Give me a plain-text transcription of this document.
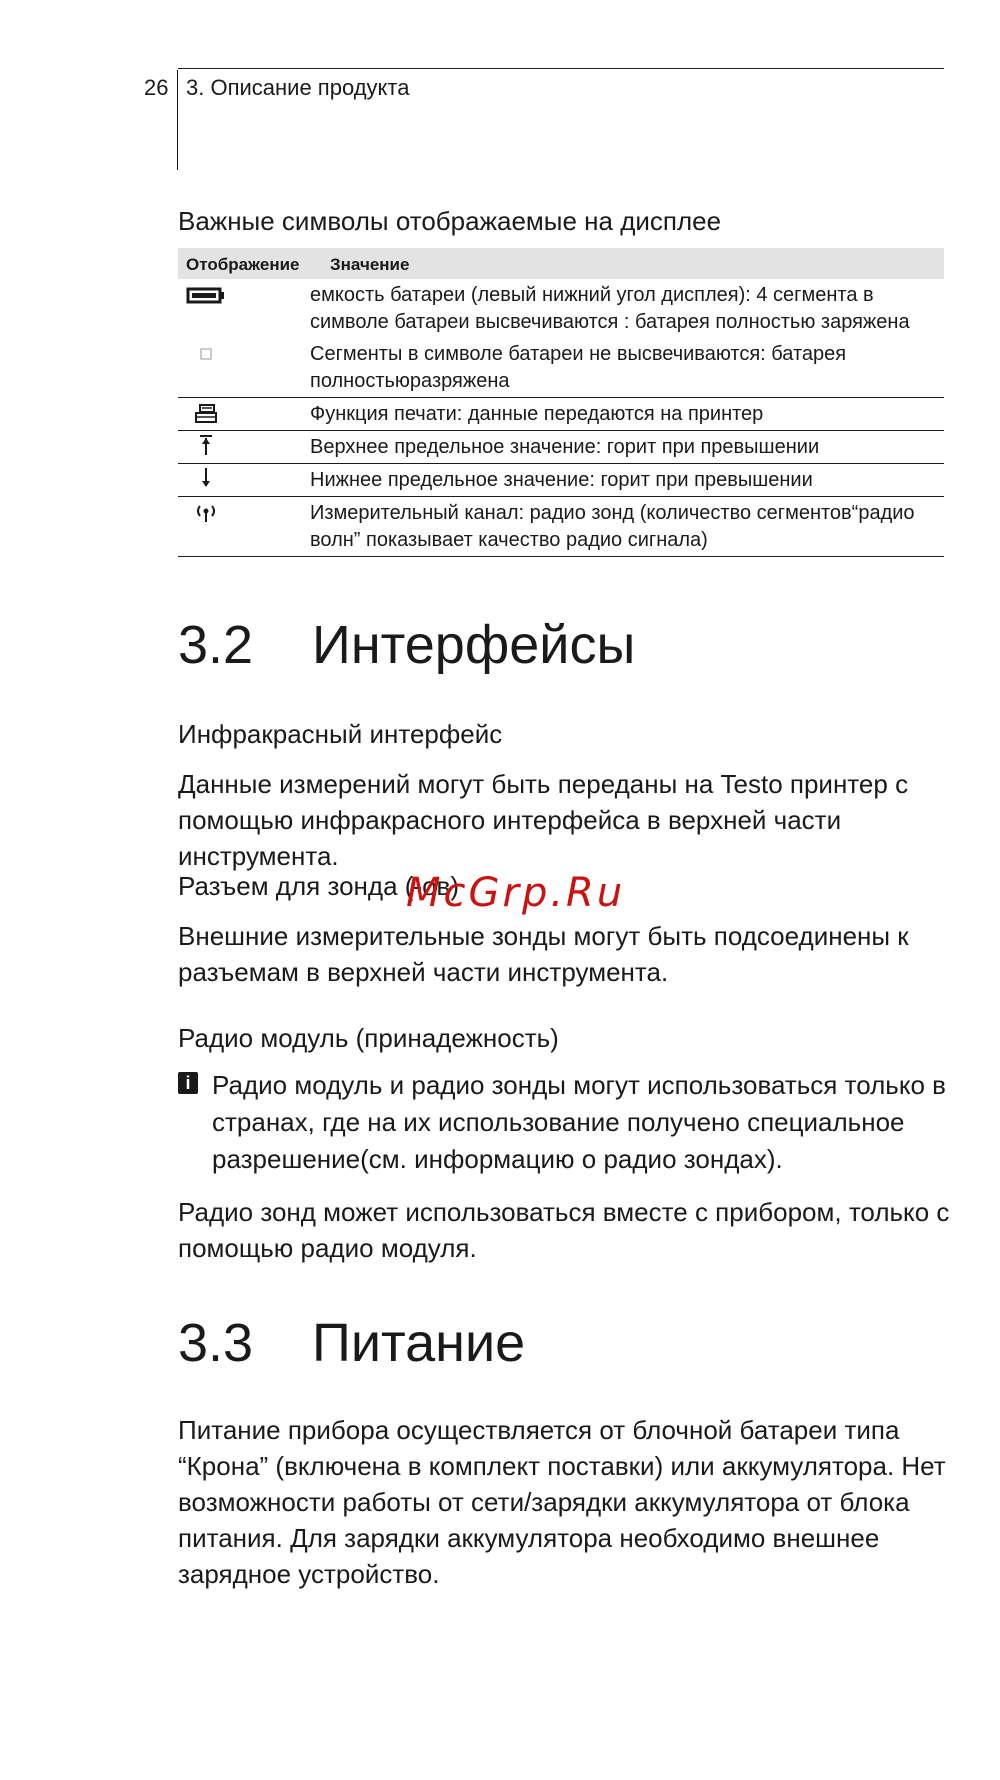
26 3. Описание продукта
Важные символы отображаемые на дисплее
Отображение Значение
емкость батареи (левый нижний угол дисплея): 4 сегмента в символе батареи высвечиваются : батарея полностью заряжена
Сегменты в символе батареи не высвечиваются: батарея полностьюразряжена
Функция печати: данные передаются на принтер
Верхнее предельное значение: горит при превышении
Нижнее предельное значение: горит при превышении
Измерительный канал: радио зонд (количество сегментов“радио волн” показывает качество радио сигнала)
3.2 Интерфейсы
Инфракрасный интерфейс
Данные измерений могут быть переданы на Testo принтер с помощью инфракрасного интерфейса в верхней части инструмента.
Разъем для зонда (-ов)
Внешние измерительные зонды могут быть подсоединены к разъемам в верхней части инструмента.
Радио модуль (принадежность)
i Радио модуль и радио зонды могут использоваться только в странах, где на их использование получено специальное разрешение(см. информацию о радио зондах).
Радио зонд может использоваться вместе с прибором, только с помощью радио модуля.
3.3 Питание
Питание прибора осуществляется от блочной батареи типа “Крона” (включена в комплект поставки) или аккумулятора. Нет возможности работы от сети/зарядки аккумулятора от блока питания. Для зарядки аккумулятора необходимо внешнее зарядное устройство.
McGrp.Ru
